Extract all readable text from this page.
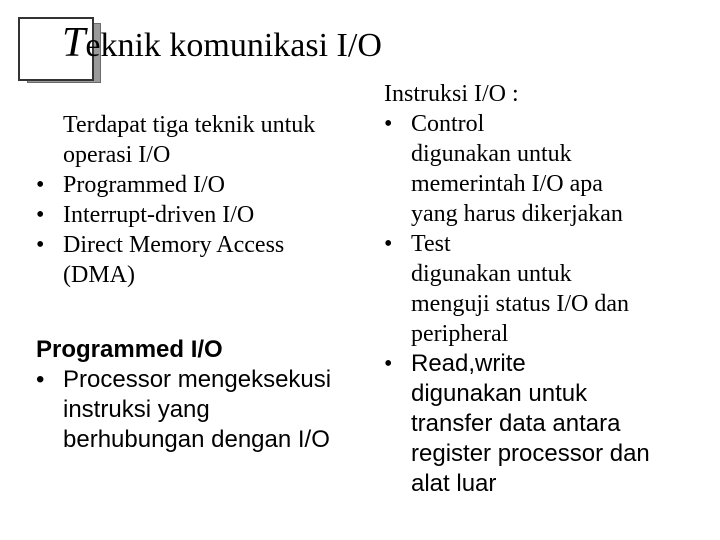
Teknik komunikasi I/O
Terdapat tiga teknik untuk operasi I/O
• Programmed I/O
• Interrupt-driven I/O
• Direct Memory Access (DMA)
Programmed I/O
• Processor mengeksekusi instruksi yang berhubungan dengan I/O
Instruksi I/O :
• Control
digunakan untuk
memerintah I/O apa
yang harus dikerjakan
• Test
digunakan untuk
menguji status I/O dan
peripheral
• Read,write
digunakan untuk
transfer data antara
register processor dan
alat luar
